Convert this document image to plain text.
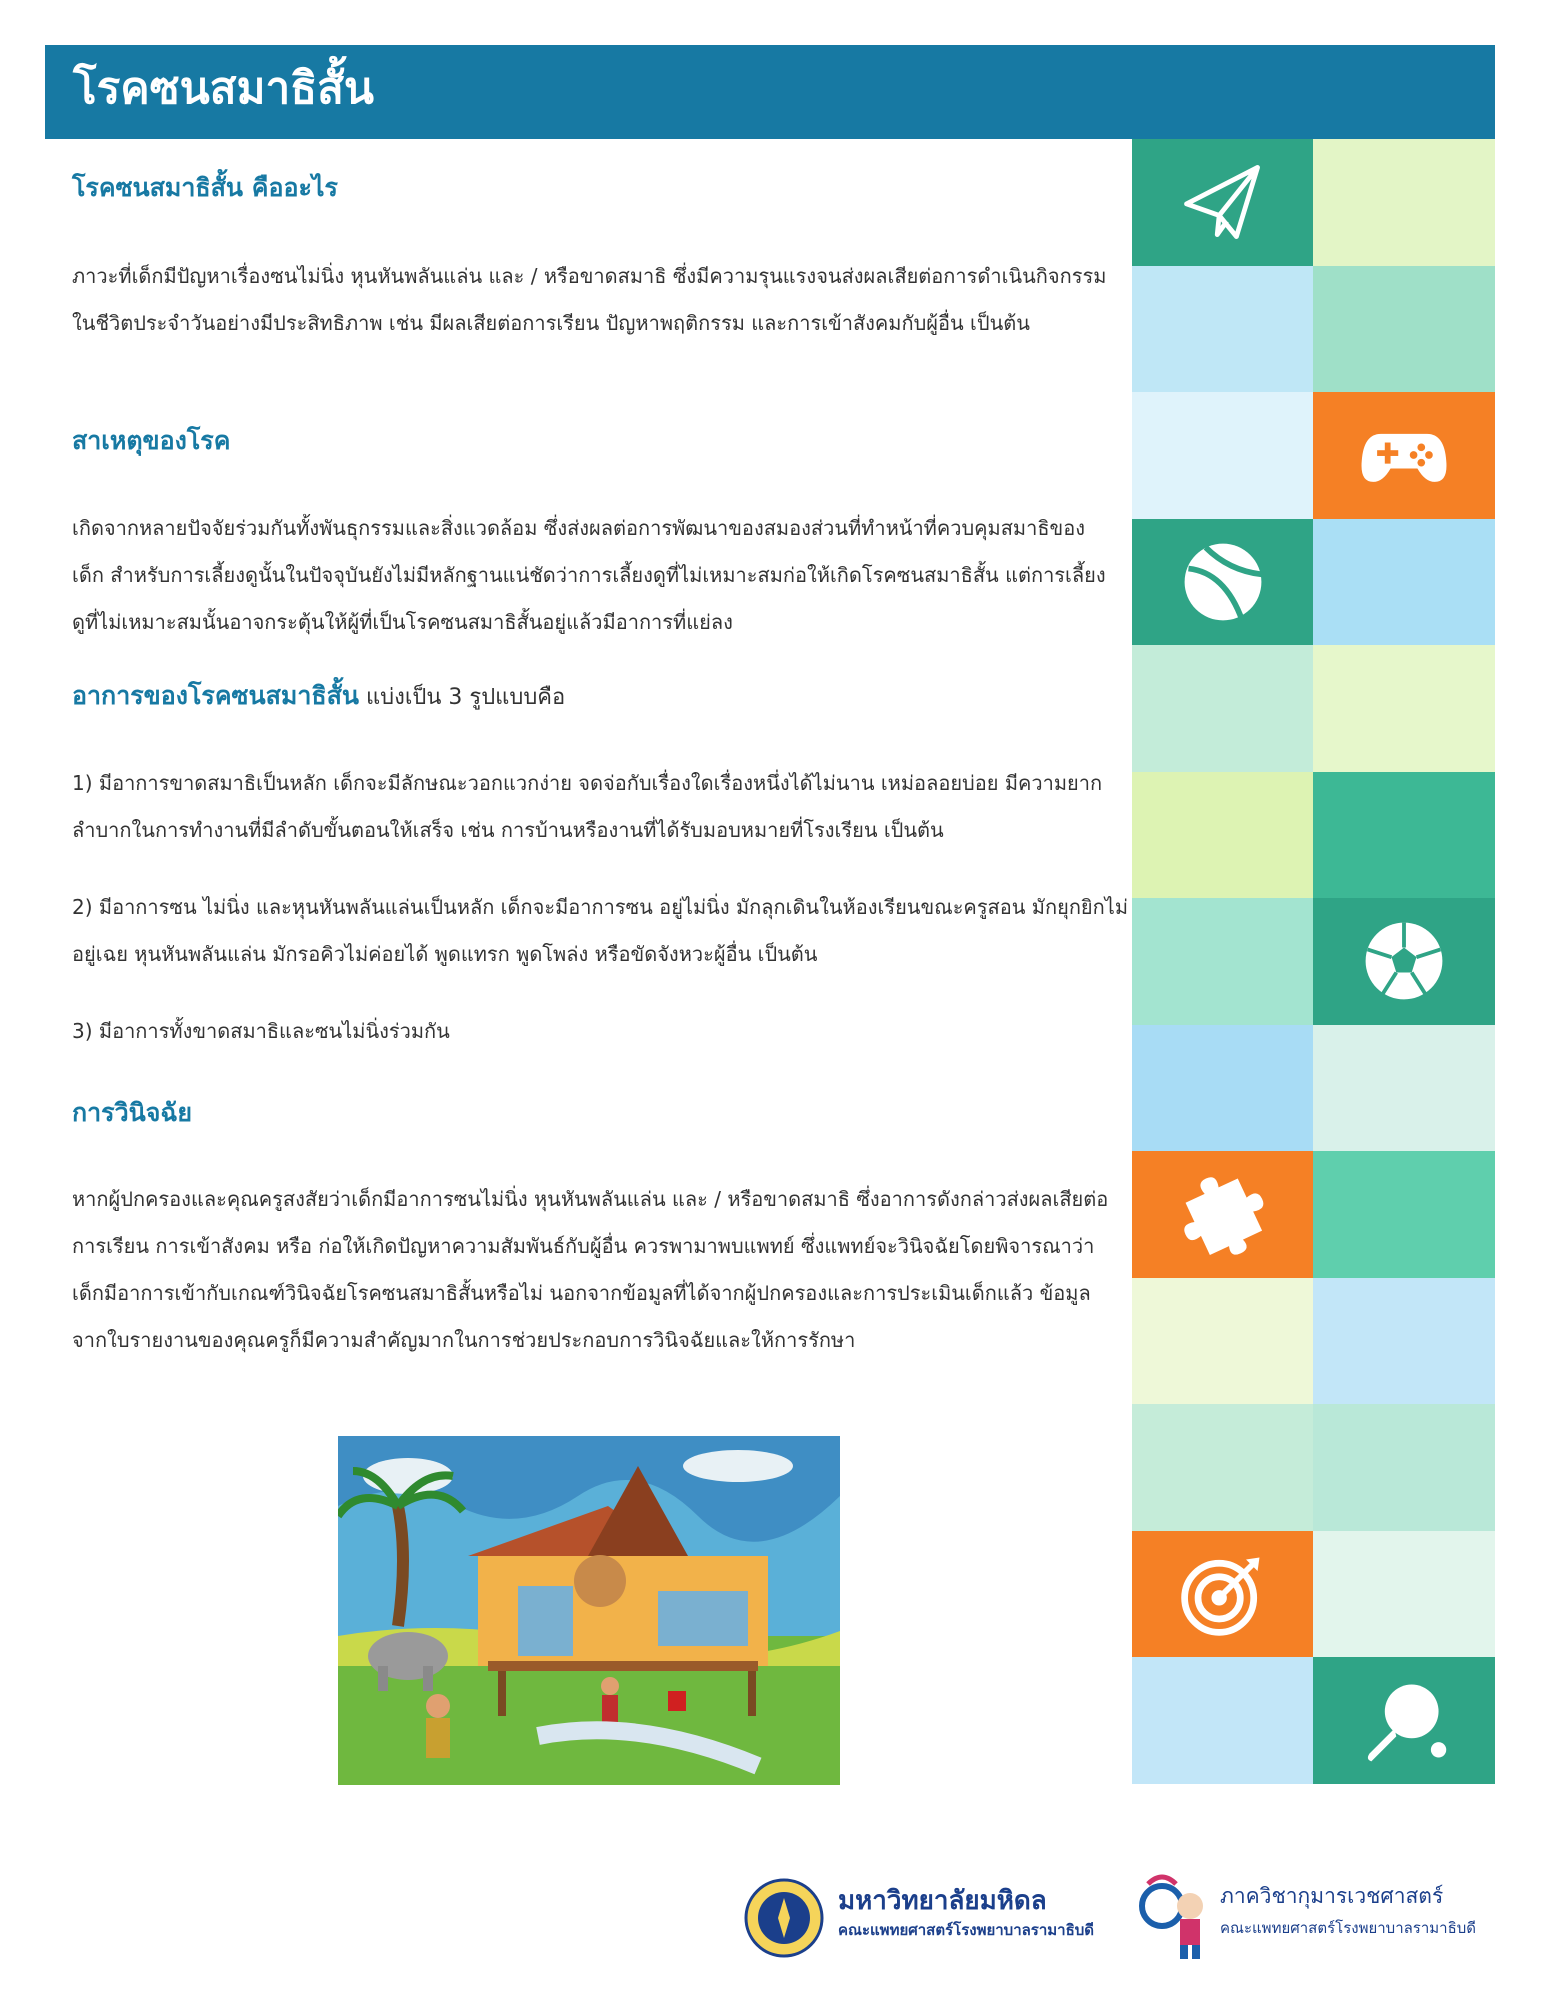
โรคซนสมาธิสั้น
โรคซนสมาธิสั้น คืออะไร

ภาวะที่เด็กมีปัญหาเรื่องซนไม่นิ่ง หุนหันพลันแล่น และ / หรือขาดสมาธิ ซึ่งมีความรุนแรงจนส่งผลเสียต่อการดำเนินกิจกรรมในชีวิตประจำวันอย่างมีประสิทธิภาพ เช่น มีผลเสียต่อการเรียน ปัญหาพฤติกรรม และการเข้าสังคมกับผู้อื่น เป็นต้น

สาเหตุของโรค

เกิดจากหลายปัจจัยร่วมกันทั้งพันธุกรรมและสิ่งแวดล้อม ซึ่งส่งผลต่อการพัฒนาของสมองส่วนที่ทำหน้าที่ควบคุมสมาธิของเด็ก สำหรับการเลี้ยงดูนั้นในปัจจุบันยังไม่มีหลักฐานแน่ชัดว่าการเลี้ยงดูที่ไม่เหมาะสมก่อให้เกิดโรคซนสมาธิสั้น แต่การเลี้ยงดูที่ไม่เหมาะสมนั้นอาจกระตุ้นให้ผู้ที่เป็นโรคซนสมาธิสั้นอยู่แล้วมีอาการที่แย่ลง

อาการของโรคซนสมาธิสั้น แบ่งเป็น 3 รูปแบบคือ

1) มีอาการขาดสมาธิเป็นหลัก เด็กจะมีลักษณะวอกแวกง่าย จดจ่อกับเรื่องใดเรื่องหนึ่งได้ไม่นาน เหม่อลอยบ่อย มีความยากลำบากในการทำงานที่มีลำดับขั้นตอนให้เสร็จ เช่น การบ้านหรืองานที่ได้รับมอบหมายที่โรงเรียน เป็นต้น

2) มีอาการซน ไม่นิ่ง และหุนหันพลันแล่นเป็นหลัก เด็กจะมีอาการซน อยู่ไม่นิ่ง มักลุกเดินในห้องเรียนขณะครูสอน มักยุกยิกไม่อยู่เฉย หุนหันพลันแล่น มักรอคิวไม่ค่อยได้ พูดแทรก พูดโพล่ง หรือขัดจังหวะผู้อื่น เป็นต้น

3) มีอาการทั้งขาดสมาธิและซนไม่นิ่งร่วมกัน

การวินิจฉัย

หากผู้ปกครองและคุณครูสงสัยว่าเด็กมีอาการซนไม่นิ่ง หุนหันพลันแล่น และ / หรือขาดสมาธิ ซึ่งอาการดังกล่าวส่งผลเสียต่อการเรียน การเข้าสังคม หรือ ก่อให้เกิดปัญหาความสัมพันธ์กับผู้อื่น ควรพามาพบแพทย์ ซึ่งแพทย์จะวินิจฉัยโดยพิจารณาว่าเด็กมีอาการเข้ากับเกณฑ์วินิจฉัยโรคซนสมาธิสั้นหรือไม่ นอกจากข้อมูลที่ได้จากผู้ปกครองและการประเมินเด็กแล้ว ข้อมูลจากใบรายงานของคุณครูก็มีความสำคัญมากในการช่วยประกอบการวินิจฉัยและให้การรักษา

มหาวิทยาลัยมหิดล
คณะแพทยศาสตร์โรงพยาบาลรามาธิบดี
ภาควิชากุมารเวชศาสตร์
คณะแพทยศาสตร์โรงพยาบาลรามาธิบดี
